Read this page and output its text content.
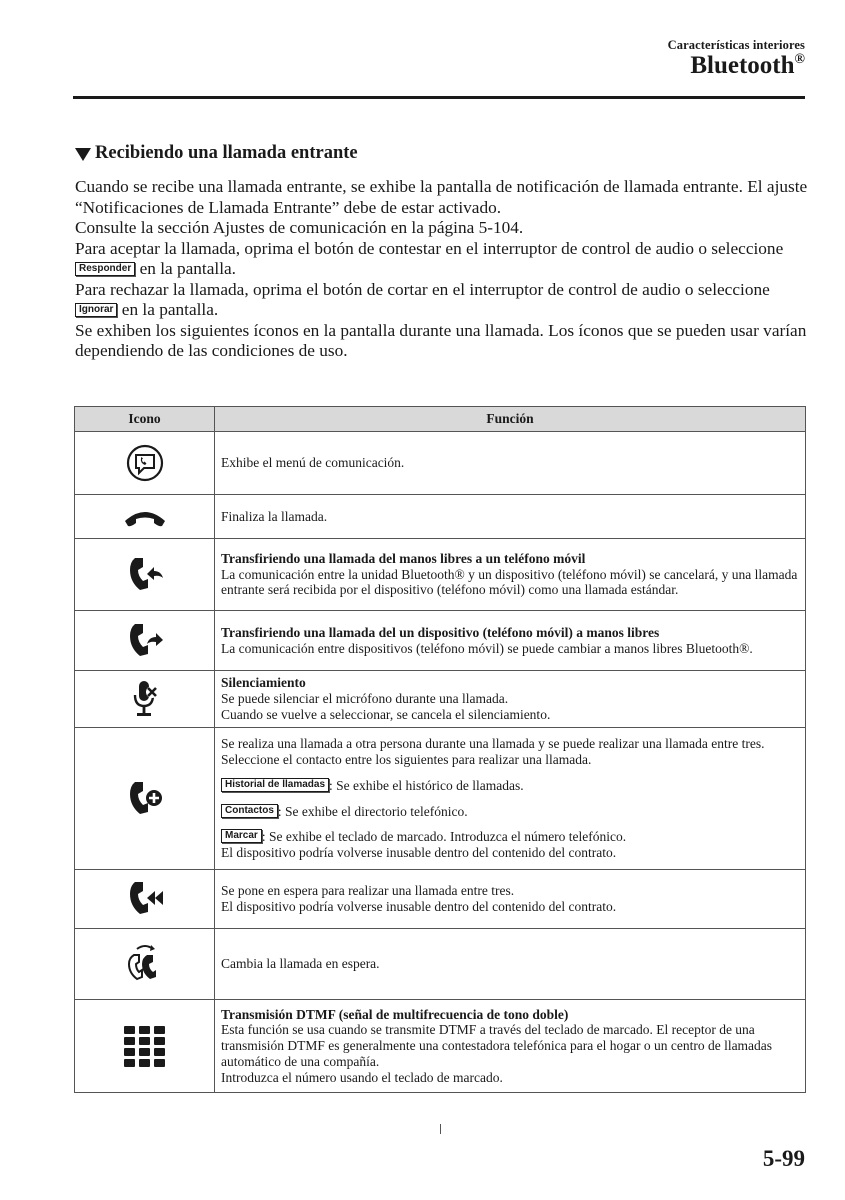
Características interiores
Bluetooth®
Recibiendo una llamada entrante

Cuando se recibe una llamada entrante, se exhibe la pantalla de notificación de llamada entrante. El ajuste “Notificaciones de Llamada Entrante” debe de estar activado.

Consulte la sección Ajustes de comunicación en la página 5-104.

Para aceptar la llamada, oprima el botón de contestar en el interruptor de control de audio o seleccione Responder en la pantalla.

Para rechazar la llamada, oprima el botón de cortar en el interruptor de control de audio o seleccione Ignorar en la pantalla.

Se exhiben los siguientes íconos en la pantalla durante una llamada. Los íconos que se pueden usar varían dependiendo de las condiciones de uso.

Icono	Función

Exhibe el menú de comunicación.

Finaliza la llamada.

Transfiriendo una llamada del manos libres a un teléfono móvil
La comunicación entre la unidad Bluetooth® y un dispositivo (teléfono móvil) se cancelará, y una llamada entrante será recibida por el dispositivo (teléfono móvil) como una llamada estándar.

Transfiriendo una llamada del un dispositivo (teléfono móvil) a manos libres
La comunicación entre dispositivos (teléfono móvil) se puede cambiar a manos libres Bluetooth®.

Silenciamiento
Se puede silenciar el micrófono durante una llamada.
Cuando se vuelve a seleccionar, se cancela el silenciamiento.

Se realiza una llamada a otra persona durante una llamada y se puede realizar una llamada entre tres. Seleccione el contacto entre los siguientes para realizar una llamada.
Historial de llamadas : Se exhibe el histórico de llamadas.
Contactos : Se exhibe el directorio telefónico.
Marcar : Se exhibe el teclado de marcado. Introduzca el número telefónico.
El dispositivo podría volverse inusable dentro del contenido del contrato.

Se pone en espera para realizar una llamada entre tres.
El dispositivo podría volverse inusable dentro del contenido del contrato.

Cambia la llamada en espera.

Transmisión DTMF (señal de multifrecuencia de tono doble)
Esta función se usa cuando se transmite DTMF a través del teclado de marcado. El receptor de una transmisión DTMF es generalmente una contestadora telefónica para el hogar o un centro de llamadas automático de una compañía.
Introduzca el número usando el teclado de marcado.
5-99
